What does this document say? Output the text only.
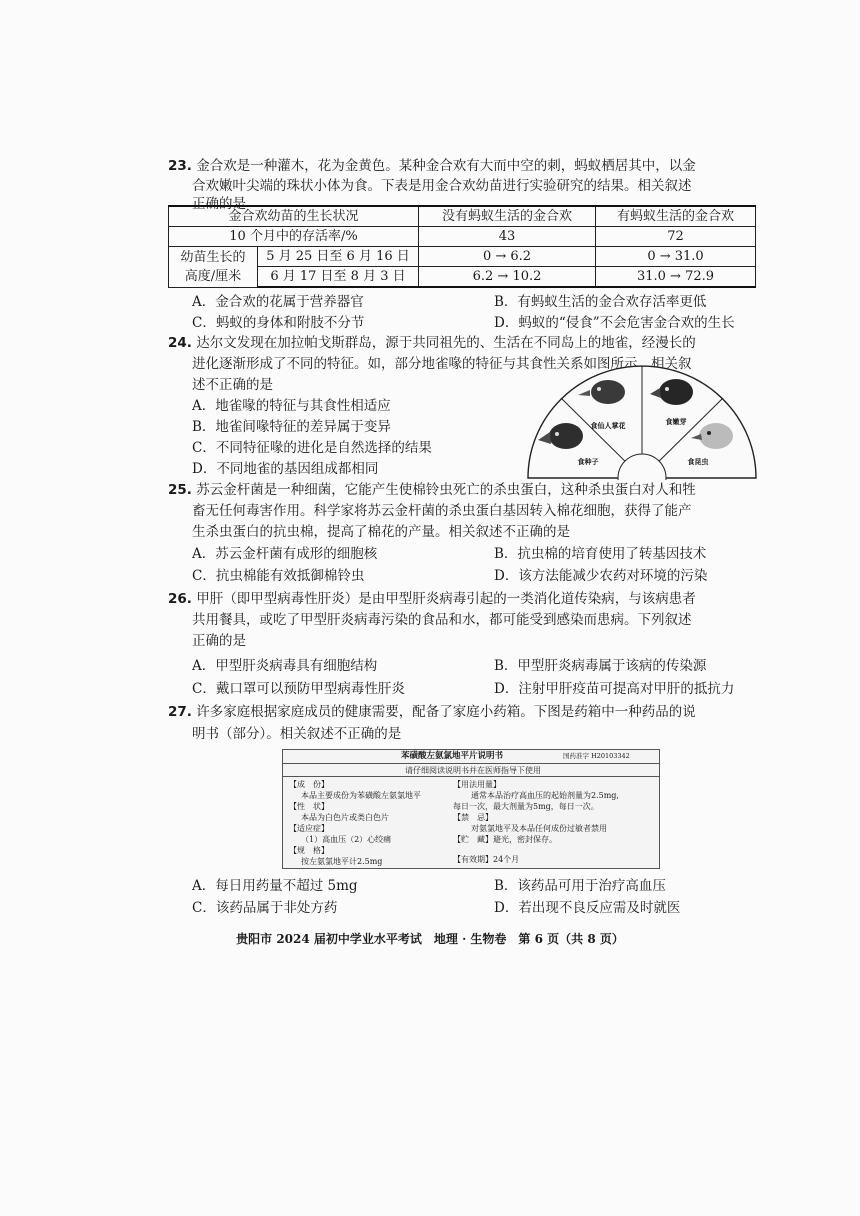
23. 金合欢是一种灌木，花为金黄色。某种金合欢有大而中空的刺，蚂蚁栖居其中，以金
合欢嫩叶尖端的珠状小体为食。下表是用金合欢幼苗进行实验研究的结果。相关叙述
正确的是
金合欢幼苗的生长状况		没有蚂蚁生活的金合欢	有蚂蚁生活的金合欢
10 个月中的存活率/%		43	72
幼苗生长的
高度/厘米	5 月 25 日至 6 月 16 日	0 → 6.2	0 → 31.0
	6 月 17 日至 8 月 3 日	6.2 → 10.2	31.0 → 72.9
A．金合欢的花属于营养器官	B．有蚂蚁生活的金合欢存活率更低
C．蚂蚁的身体和附肢不分节	D．蚂蚁的“侵食”不会危害金合欢的生长
24. 达尔文发现在加拉帕戈斯群岛，源于共同祖先的、生活在不同岛上的地雀，经漫长的
进化逐渐形成了不同的特征。如，部分地雀喙的特征与其食性关系如图所示。相关叙
述不正确的是
A．地雀喙的特征与其食性相适应
B．地雀间喙特征的差异属于变异
C．不同特征喙的进化是自然选择的结果
D．不同地雀的基因组成都相同
食仙人掌花	食嫩芽
食种子	食昆虫
25. 苏云金杆菌是一种细菌，它能产生使棉铃虫死亡的杀虫蛋白，这种杀虫蛋白对人和牲
畜无任何毒害作用。科学家将苏云金杆菌的杀虫蛋白基因转入棉花细胞，获得了能产
生杀虫蛋白的抗虫棉，提高了棉花的产量。相关叙述不正确的是
A．苏云金杆菌有成形的细胞核	B．抗虫棉的培育使用了转基因技术
C．抗虫棉能有效抵御棉铃虫	D．该方法能减少农药对环境的污染
26. 甲肝（即甲型病毒性肝炎）是由甲型肝炎病毒引起的一类消化道传染病，与该病患者
共用餐具，或吃了甲型肝炎病毒污染的食品和水，都可能受到感染而患病。下列叙述
正确的是
A．甲型肝炎病毒具有细胞结构	B．甲型肝炎病毒属于该病的传染源
C．戴口罩可以预防甲型病毒性肝炎	D．注射甲肝疫苗可提高对甲肝的抵抗力
27. 许多家庭根据家庭成员的健康需要，配备了家庭小药箱。下图是药箱中一种药品的说
明书（部分）。相关叙述不正确的是
苯磺酸左氨氯地平片说明书	国药准字 H20103342
请仔细阅读说明书并在医师指导下使用
【成　份】
本品主要成份为苯磺酸左氨氯地平
【性　状】
本品为白色片或类白色片
【适应症】
（1）高血压（2）心绞痛
【规　格】
按左氨氯地平计2.5mg
【用法用量】
通常本品治疗高血压的起始剂量为2.5mg,
每日一次，最大剂量为5mg，每日一次。
【禁　忌】
对氨氯地平及本品任何成份过敏者禁用
【贮　藏】避光，密封保存。
【有效期】24个月
A．每日用药量不超过 5mg	B．该药品可用于治疗高血压
C．该药品属于非处方药	D．若出现不良反应需及时就医
贵阳市 2024 届初中学业水平考试　地理 · 生物卷　第 6 页（共 8 页）
